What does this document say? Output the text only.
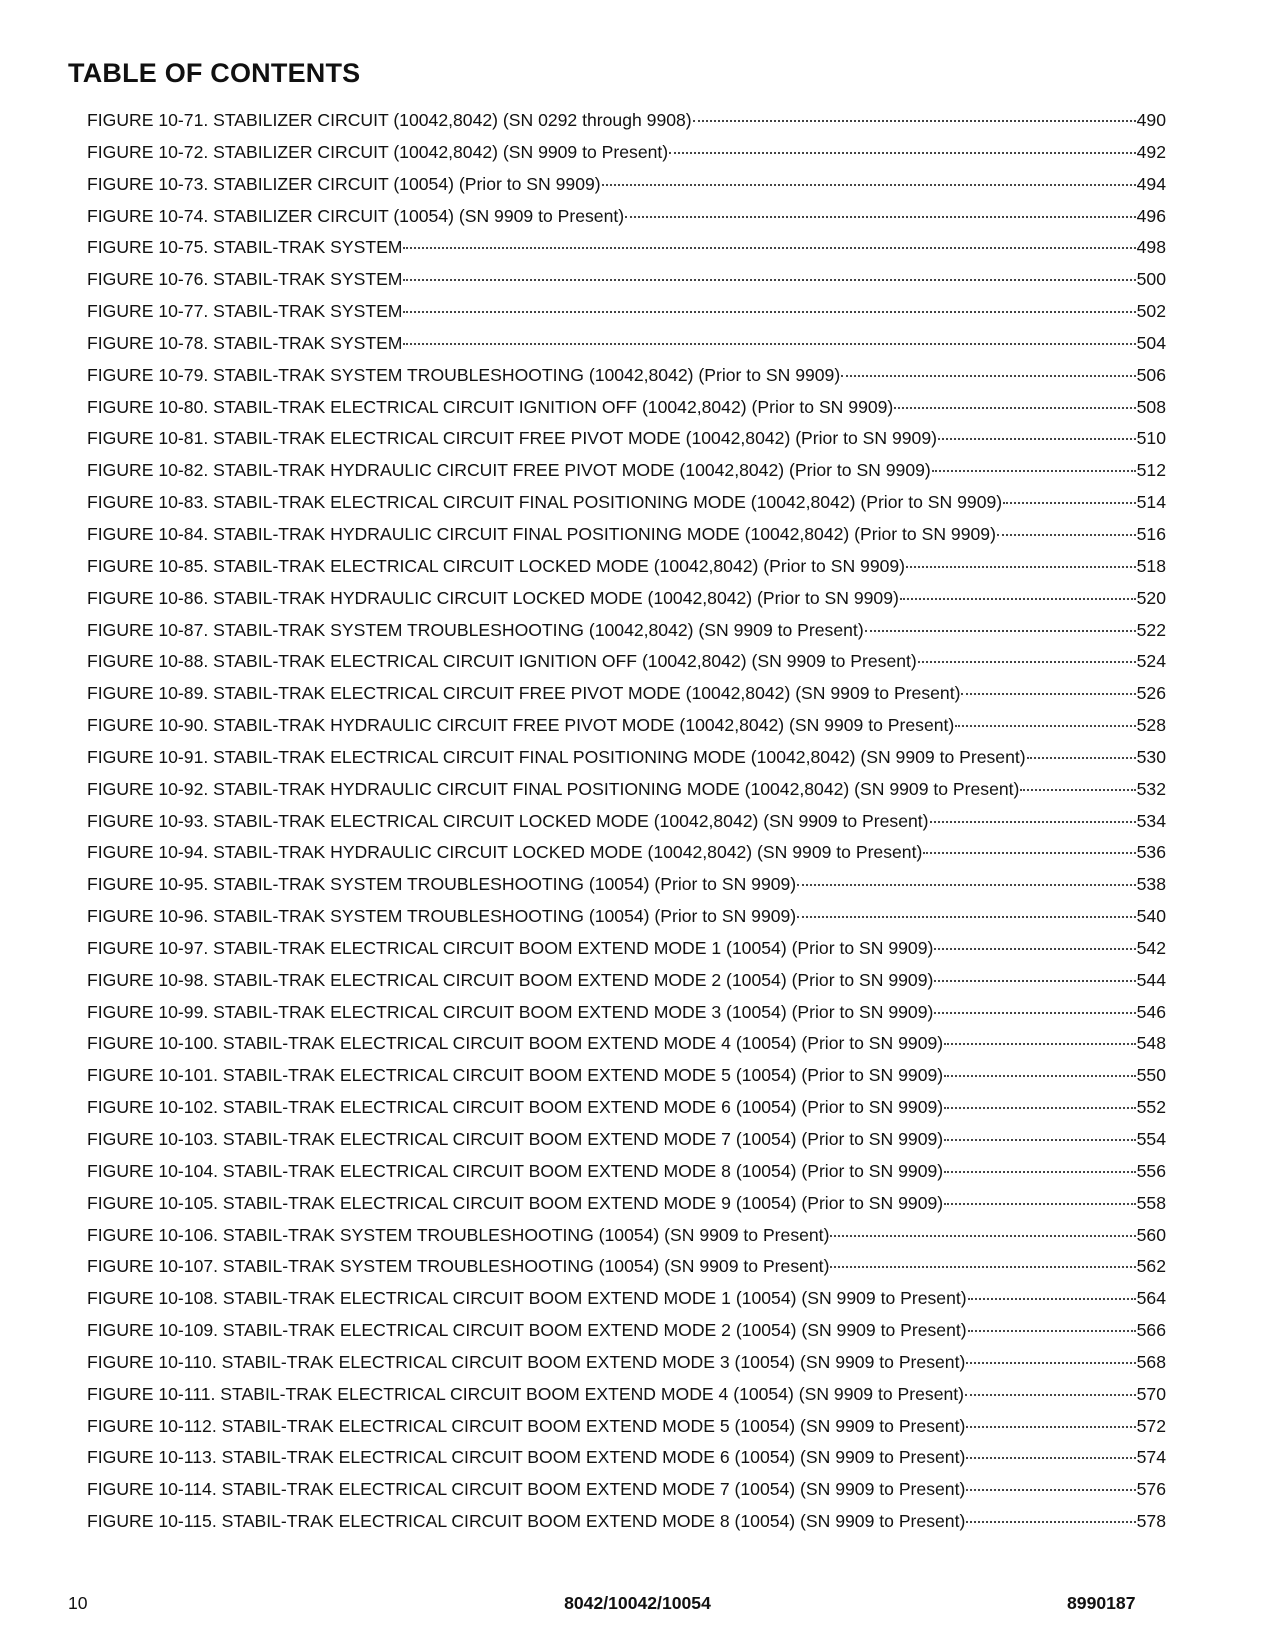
TABLE OF CONTENTS
FIGURE 10-71. STABILIZER CIRCUIT (10042,8042) (SN 0292 through 9908)	490
FIGURE 10-72. STABILIZER CIRCUIT (10042,8042) (SN 9909 to Present)	492
FIGURE 10-73. STABILIZER CIRCUIT (10054) (Prior to SN 9909)	494
FIGURE 10-74. STABILIZER CIRCUIT (10054) (SN 9909 to Present)	496
FIGURE 10-75. STABIL-TRAK SYSTEM	498
FIGURE 10-76. STABIL-TRAK SYSTEM	500
FIGURE 10-77. STABIL-TRAK SYSTEM	502
FIGURE 10-78. STABIL-TRAK SYSTEM	504
FIGURE 10-79. STABIL-TRAK SYSTEM TROUBLESHOOTING (10042,8042) (Prior to SN 9909)	506
FIGURE 10-80. STABIL-TRAK ELECTRICAL CIRCUIT IGNITION OFF (10042,8042) (Prior to SN 9909)	508
FIGURE 10-81. STABIL-TRAK ELECTRICAL CIRCUIT FREE PIVOT MODE (10042,8042) (Prior to SN 9909)	510
FIGURE 10-82. STABIL-TRAK HYDRAULIC CIRCUIT FREE PIVOT MODE (10042,8042) (Prior to SN 9909)	512
FIGURE 10-83. STABIL-TRAK ELECTRICAL CIRCUIT FINAL POSITIONING MODE (10042,8042) (Prior to SN 9909)	514
FIGURE 10-84. STABIL-TRAK HYDRAULIC CIRCUIT FINAL POSITIONING MODE (10042,8042) (Prior to SN 9909)	516
FIGURE 10-85. STABIL-TRAK ELECTRICAL CIRCUIT LOCKED MODE (10042,8042) (Prior to SN 9909)	518
FIGURE 10-86. STABIL-TRAK HYDRAULIC CIRCUIT LOCKED MODE (10042,8042) (Prior to SN 9909)	520
FIGURE 10-87. STABIL-TRAK SYSTEM TROUBLESHOOTING (10042,8042) (SN 9909 to Present)	522
FIGURE 10-88. STABIL-TRAK ELECTRICAL CIRCUIT IGNITION OFF (10042,8042) (SN 9909 to Present)	524
FIGURE 10-89. STABIL-TRAK ELECTRICAL CIRCUIT FREE PIVOT MODE (10042,8042) (SN 9909 to Present)	526
FIGURE 10-90. STABIL-TRAK HYDRAULIC CIRCUIT FREE PIVOT MODE (10042,8042) (SN 9909 to Present)	528
FIGURE 10-91. STABIL-TRAK ELECTRICAL CIRCUIT FINAL POSITIONING MODE (10042,8042) (SN 9909 to Present)	530
FIGURE 10-92. STABIL-TRAK HYDRAULIC CIRCUIT FINAL POSITIONING MODE (10042,8042) (SN 9909 to Present)	532
FIGURE 10-93. STABIL-TRAK ELECTRICAL CIRCUIT LOCKED MODE (10042,8042) (SN 9909 to Present)	534
FIGURE 10-94. STABIL-TRAK HYDRAULIC CIRCUIT LOCKED MODE (10042,8042) (SN 9909 to Present)	536
FIGURE 10-95. STABIL-TRAK SYSTEM TROUBLESHOOTING (10054) (Prior to SN 9909)	538
FIGURE 10-96. STABIL-TRAK SYSTEM TROUBLESHOOTING (10054) (Prior to SN 9909)	540
FIGURE 10-97. STABIL-TRAK ELECTRICAL CIRCUIT BOOM EXTEND MODE 1 (10054) (Prior to SN 9909)	542
FIGURE 10-98. STABIL-TRAK ELECTRICAL CIRCUIT BOOM EXTEND MODE 2 (10054) (Prior to SN 9909)	544
FIGURE 10-99. STABIL-TRAK ELECTRICAL CIRCUIT BOOM EXTEND MODE 3 (10054) (Prior to SN 9909)	546
FIGURE 10-100. STABIL-TRAK ELECTRICAL CIRCUIT BOOM EXTEND MODE 4 (10054) (Prior to SN 9909)	548
FIGURE 10-101. STABIL-TRAK ELECTRICAL CIRCUIT BOOM EXTEND MODE 5 (10054) (Prior to SN 9909)	550
FIGURE 10-102. STABIL-TRAK ELECTRICAL CIRCUIT BOOM EXTEND MODE 6 (10054) (Prior to SN 9909)	552
FIGURE 10-103. STABIL-TRAK ELECTRICAL CIRCUIT BOOM EXTEND MODE 7 (10054) (Prior to SN 9909)	554
FIGURE 10-104. STABIL-TRAK ELECTRICAL CIRCUIT BOOM EXTEND MODE 8 (10054) (Prior to SN 9909)	556
FIGURE 10-105. STABIL-TRAK ELECTRICAL CIRCUIT BOOM EXTEND MODE 9 (10054) (Prior to SN 9909)	558
FIGURE 10-106. STABIL-TRAK SYSTEM TROUBLESHOOTING (10054) (SN 9909 to Present)	560
FIGURE 10-107. STABIL-TRAK SYSTEM TROUBLESHOOTING (10054) (SN 9909 to Present)	562
FIGURE 10-108. STABIL-TRAK ELECTRICAL CIRCUIT BOOM EXTEND MODE 1 (10054) (SN 9909 to Present)	564
FIGURE 10-109. STABIL-TRAK ELECTRICAL CIRCUIT BOOM EXTEND MODE 2 (10054) (SN 9909 to Present)	566
FIGURE 10-110. STABIL-TRAK ELECTRICAL CIRCUIT BOOM EXTEND MODE 3 (10054) (SN 9909 to Present)	568
FIGURE 10-111. STABIL-TRAK ELECTRICAL CIRCUIT BOOM EXTEND MODE 4 (10054) (SN 9909 to Present)	570
FIGURE 10-112. STABIL-TRAK ELECTRICAL CIRCUIT BOOM EXTEND MODE 5 (10054) (SN 9909 to Present)	572
FIGURE 10-113. STABIL-TRAK ELECTRICAL CIRCUIT BOOM EXTEND MODE 6 (10054) (SN 9909 to Present)	574
FIGURE 10-114. STABIL-TRAK ELECTRICAL CIRCUIT BOOM EXTEND MODE 7 (10054) (SN 9909 to Present)	576
FIGURE 10-115. STABIL-TRAK ELECTRICAL CIRCUIT BOOM EXTEND MODE 8 (10054) (SN 9909 to Present)	578
10	8042/10042/10054	8990187
